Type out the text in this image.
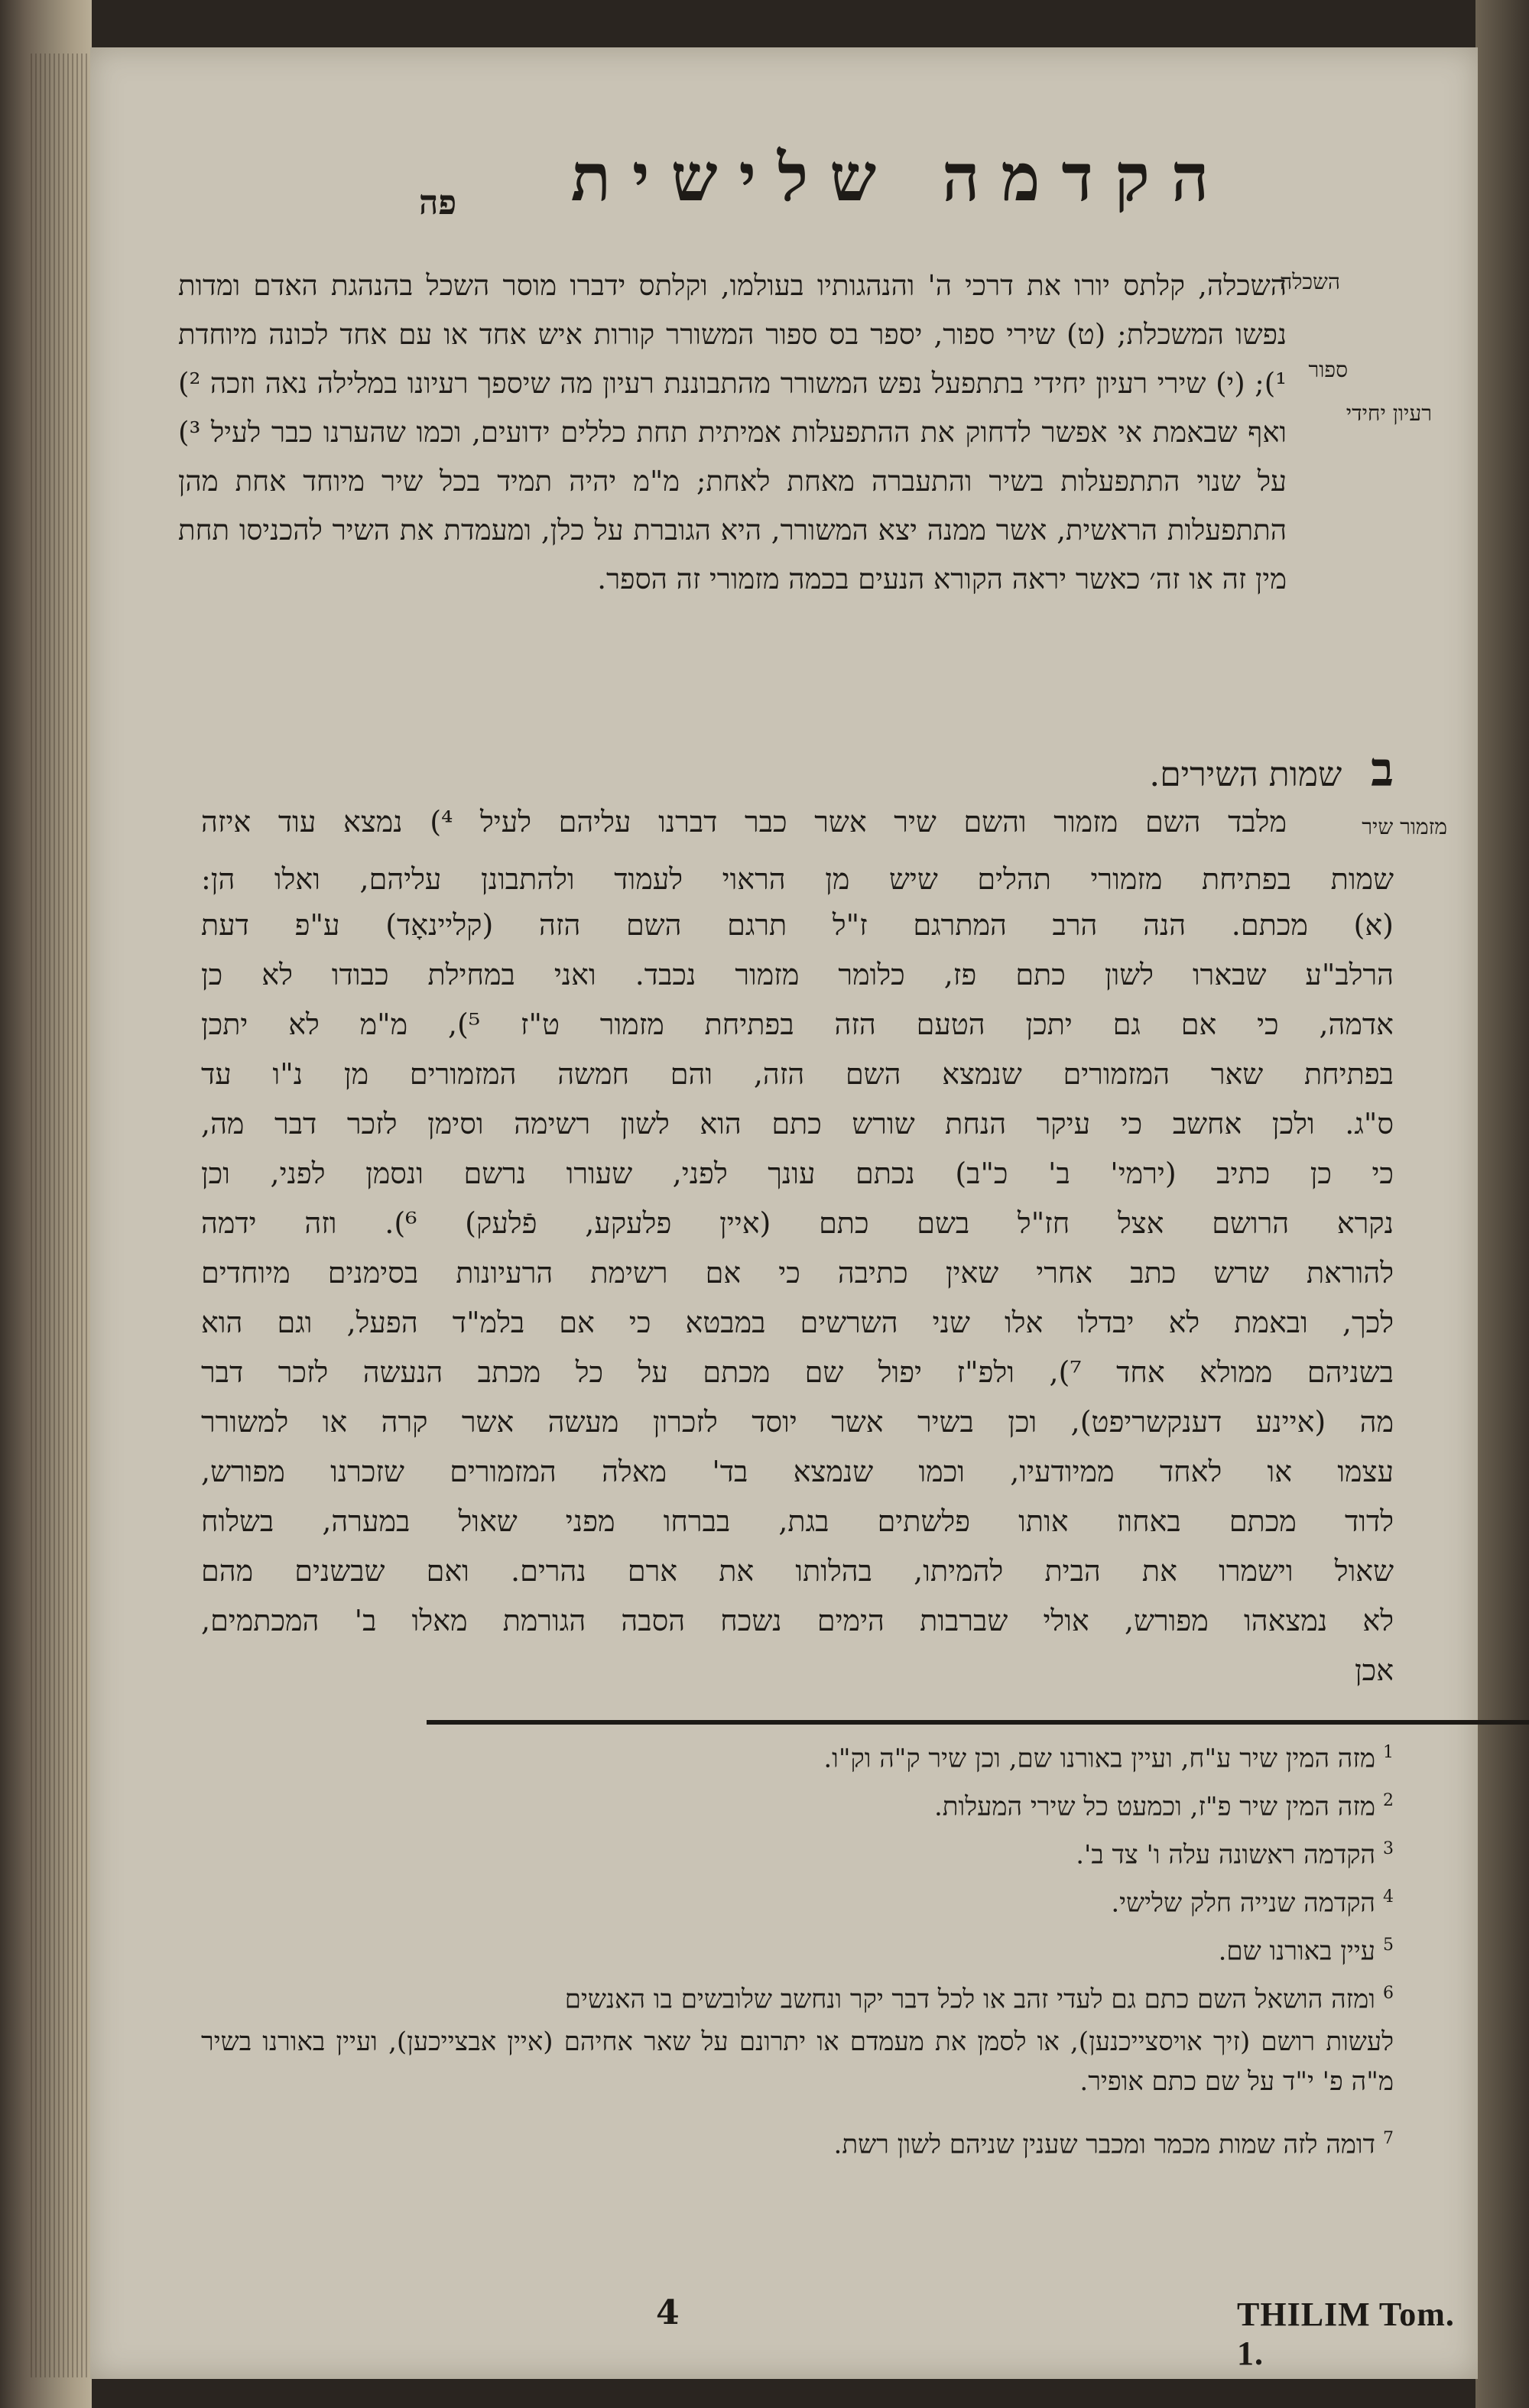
הקדמה שלישית
פה
השכלה, קלתס יורו את דרכי ה' והנהגותיו בעולמו, וקלתס ידברו מוסר השכל בהנהגת האדם ומדות נפשו המשכלת; (ט) שירי ספור, יספר בס ספור המשורר קורות איש אחד או עם אחד לכונה מיוחדת ¹); (י) שירי רעיון יחידי בתתפעל נפש המשורר מהתבוננת רעיון מה שיספך רעיונו במלילה נאה וזכה ²) ואף שבאמת אי אפשר לדחוק את ההתפעלות אמיתית תחת כללים ידועים, וכמו שהערנו כבר לעיל ³) על שנוי התתפעלות בשיר והתעברה מאחת לאחת; מ"מ יהיה תמיד בכל שיר מיוחד אחת מהן התתפעלות הראשית, אשר ממנה יצא המשורר, היא הגוברת על כלן, ומעמדת את השיר להכניסו תחת מין זה או זה׳ כאשר יראה הקורא הנעים בכמה מזמורי זה הספר.
השכלה
ספור
רעיון יחידי
מזמור שיר
ב שמות השירים.
מלבד השם מזמור והשם שיר אשר כבר דברנו עליהם לעיל ⁴) נמצא עוד איזה
שמות בפתיחת מזמורי תהלים שיש מן הראוי לעמוד ולהתבונן עליהם, ואלו הן:
(א) מכתם. הנה הרב המתרגם ז"ל תרגם השם הזה (קליינאָד) ע"פ דעת
הרלב"ע שבארו לשון כתם פז, כלומר מזמור נכבד. ואני במחילת כבודו לא כן
אדמה, כי אם גם יתכן הטעם הזה בפתיחת מזמור ט"ז ⁵), מ"מ לא יתכן
בפתיחת שאר המזמורים שנמצא השם הזה, והם חמשה המזמורים מן נ"ו עד
ס"ג. ולכן אחשב כי עיקר הנחת שורש כתם הוא לשון רשימה וסימן לזכר דבר מה,
כי כן כתיב (ירמי' ב' כ"ב) נכתם עונך לפני, שעורו נרשם ונסמן לפני, וכן
נקרא הרושם אצל חז"ל בשם כתם (איין פלעקע, פֿלעק) ⁶). וזה ידמה
להוראת שרש כתב אחרי שאין כתיבה כי אם רשימת הרעיונות בסימנים מיוחדים
לכך, ובאמת לא יבדלו אלו שני השרשים במבטא כי אם בלמ"ד הפעל, וגם הוא
בשניהם ממולא אחד ⁷), ולפ"ז יפול שם מכתם על כל מכתב הנעשה לזכר דבר
מה (איינע דענקשריפט), וכן בשיר אשר יוסד לזכרון מעשה אשר קרה או למשורר
עצמו או לאחד ממיודעיו, וכמו שנמצא בד' מאלה המזמורים שזכרנו מפורש,
לדוד מכתם באחוז אותו פלשתים בגת, בברחו מפני שאול במערה, בשלוח
שאול וישמרו את הבית להמיתו, בהלותו את ארם נהרים. ואם שבשנים מהם
לא נמצאהו מפורש, אולי שברבות הימים נשכח הסבה הגורמת מאלו ב' המכתמים,
אכן
$^1$מזה המין שיר ע"ח, ועיין באורנו שם, וכן שיר ק"ה וק"ו.
$^2$מזה המין שיר פ"ז, וכמעט כל שירי המעלות.
$^3$הקדמה ראשונה עלה ו' צד ב'.
$^4$הקדמה שנייה חלק שלישי.
$^5$עיין באורנו שם.
$^6$ומזה הושאל השם כתם גם לעדי זהב או לכל דבר יקר ונחשב שלובשים בו האנשים
לעשות רושם (זיך אויסצייכנען), או לסמן את מעמדם או יתרונם על שאר אחיהם (איין אבצייכען), ועיין באורנו בשיר מ"ה פ' י"ד על שם כתם אופיר.
$^7$דומה לזה שמות מכמר ומכבר שענין שניהם לשון רשת.
4	THILIM Tom. 1.
